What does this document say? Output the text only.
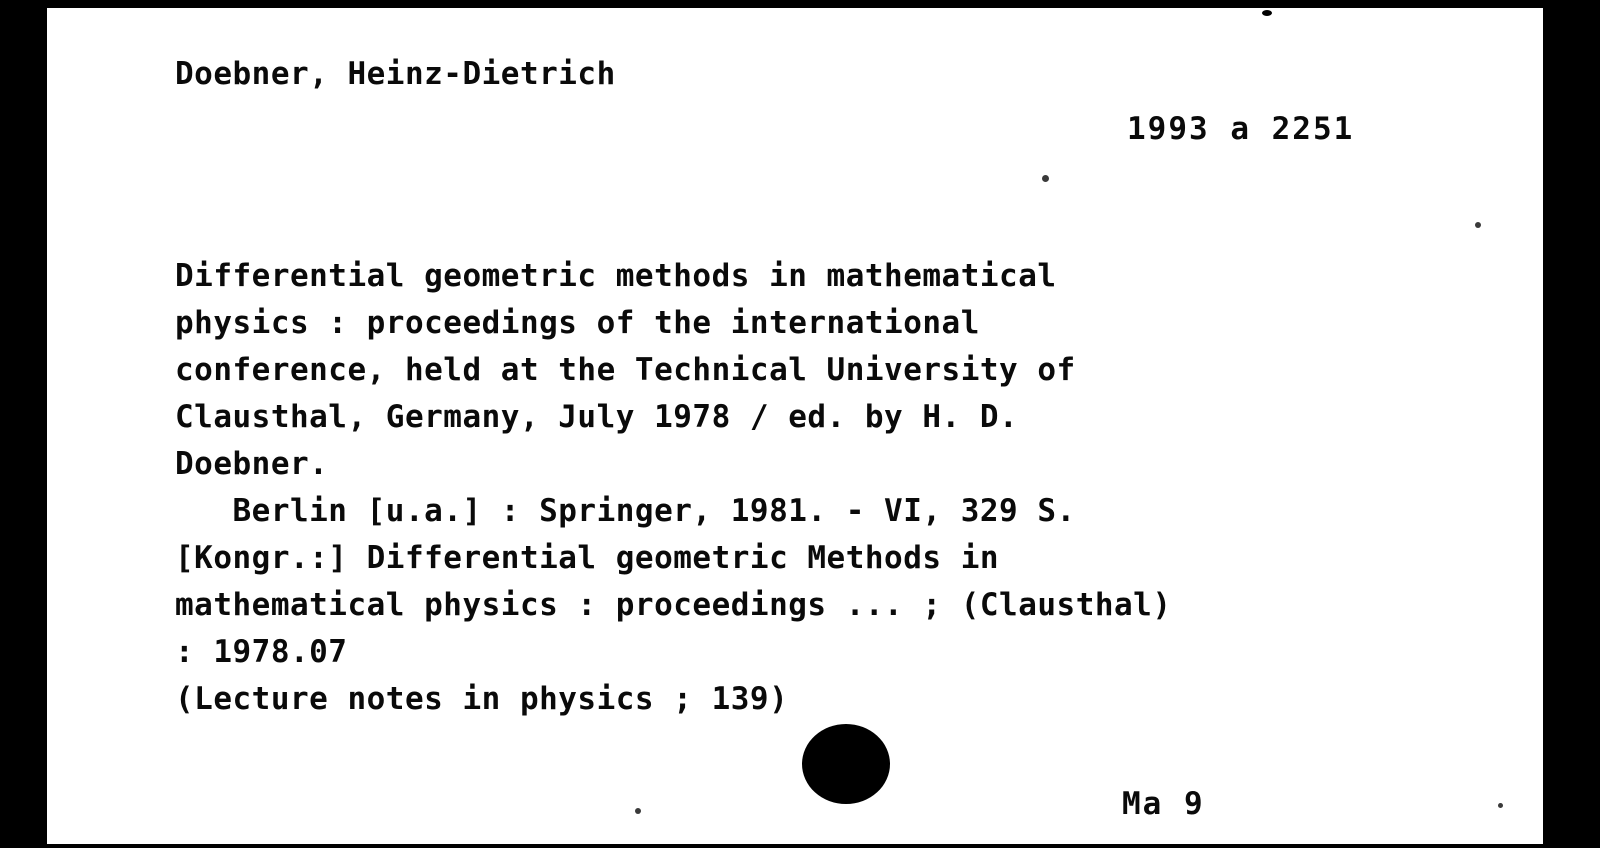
Doebner, Heinz-Dietrich
1993 a 2251
Differential geometric methods in mathematical
physics : proceedings of the international
conference, held at the Technical University of
Clausthal, Germany, July 1978 / ed. by H. D.
Doebner.
Berlin [u.a.] : Springer, 1981. - VI, 329 S.
[Kongr.:] Differential geometric Methods in
mathematical physics : proceedings ... ; (Clausthal)
: 1978.07
(Lecture notes in physics ; 139)
Ma 9
